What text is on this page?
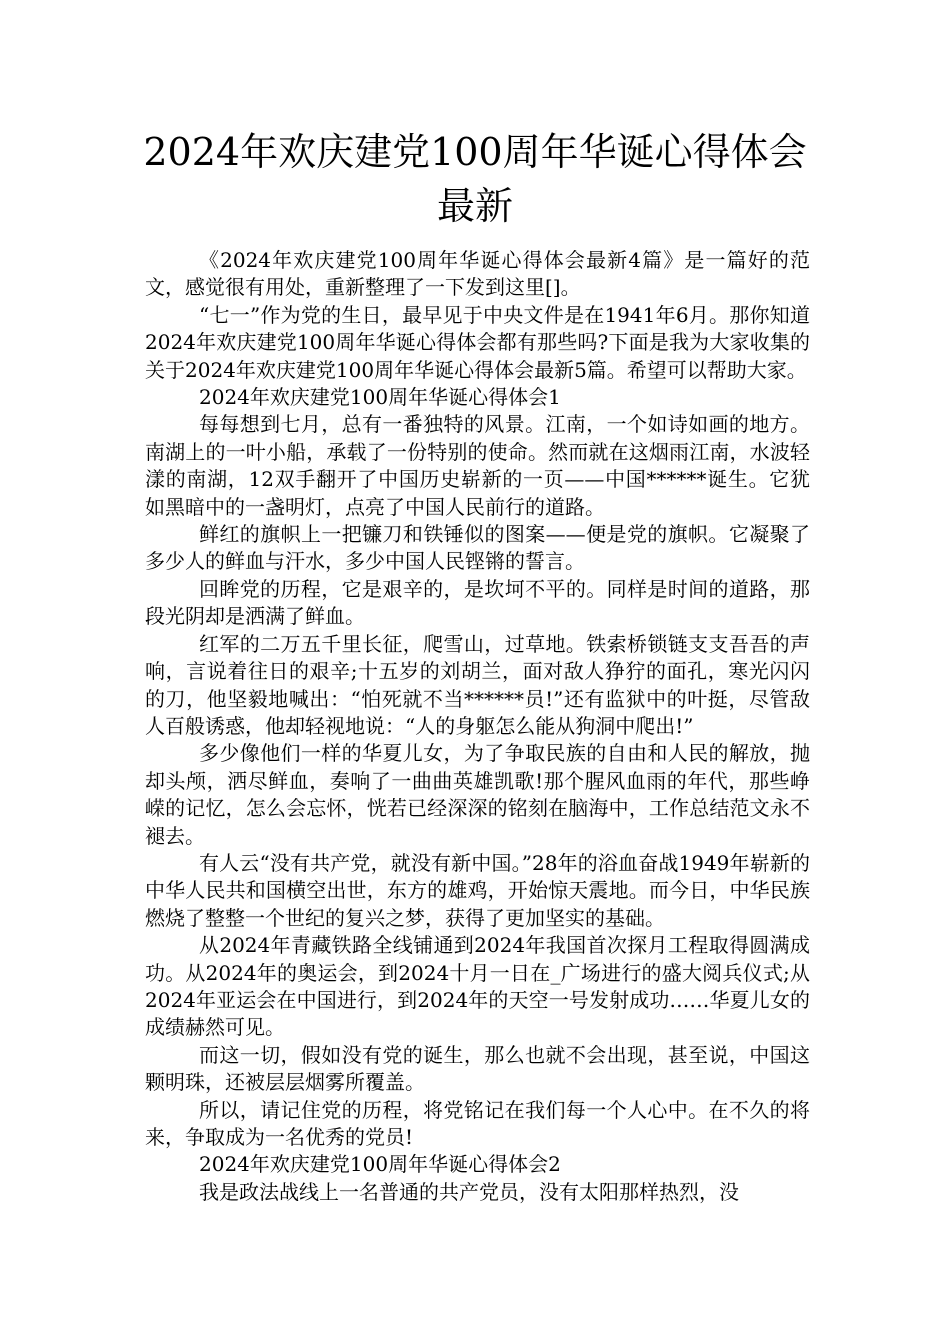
2024年欢庆建党100周年华诞心得体会最新

《2024年欢庆建党100周年华诞心得体会最新4篇》是一篇好的范文，感觉很有用处，重新整理了一下发到这里[]。

“七一”作为党的生日，最早见于中央文件是在1941年6月。那你知道2024年欢庆建党100周年华诞心得体会都有那些吗?下面是我为大家收集的关于2024年欢庆建党100周年华诞心得体会最新5篇。希望可以帮助大家。

2024年欢庆建党100周年华诞心得体会1

每每想到七月，总有一番独特的风景。江南，一个如诗如画的地方。南湖上的一叶小船，承载了一份特别的使命。然而就在这烟雨江南，水波轻漾的南湖，12双手翻开了中国历史崭新的一页——中国******诞生。它犹如黑暗中的一盏明灯，点亮了中国人民前行的道路。

鲜红的旗帜上一把镰刀和铁锤似的图案——便是党的旗帜。它凝聚了多少人的鲜血与汗水，多少中国人民铿锵的誓言。

回眸党的历程，它是艰辛的，是坎坷不平的。同样是时间的道路，那段光阴却是洒满了鲜血。

红军的二万五千里长征，爬雪山，过草地。铁索桥锁链支支吾吾的声响，言说着往日的艰辛;十五岁的刘胡兰，面对敌人狰狞的面孔，寒光闪闪的刀，他坚毅地喊出：“怕死就不当******员!”还有监狱中的叶挺，尽管敌人百般诱惑，他却轻视地说：“人的身躯怎么能从狗洞中爬出!”

多少像他们一样的华夏儿女，为了争取民族的自由和人民的解放，抛却头颅，洒尽鲜血，奏响了一曲曲英雄凯歌!那个腥风血雨的年代，那些峥嵘的记忆，怎么会忘怀，恍若已经深深的铭刻在脑海中，工作总结范文永不褪去。

有人云“没有共产党，就没有新中国。”28年的浴血奋战1949年崭新的中华人民共和国横空出世，东方的雄鸡，开始惊天震地。而今日，中华民族燃烧了整整一个世纪的复兴之梦，获得了更加坚实的基础。

从2024年青藏铁路全线铺通到2024年我国首次探月工程取得圆满成功。从2024年的奥运会，到2024十月一日在_广场进行的盛大阅兵仪式;从2024年亚运会在中国进行，到2024年的天空一号发射成功……华夏儿女的成绩赫然可见。

而这一切，假如没有党的诞生，那么也就不会出现，甚至说，中国这颗明珠，还被层层烟雾所覆盖。

所以，请记住党的历程，将党铭记在我们每一个人心中。在不久的将来，争取成为一名优秀的党员!

2024年欢庆建党100周年华诞心得体会2

我是政法战线上一名普通的共产党员，没有太阳那样热烈，没
